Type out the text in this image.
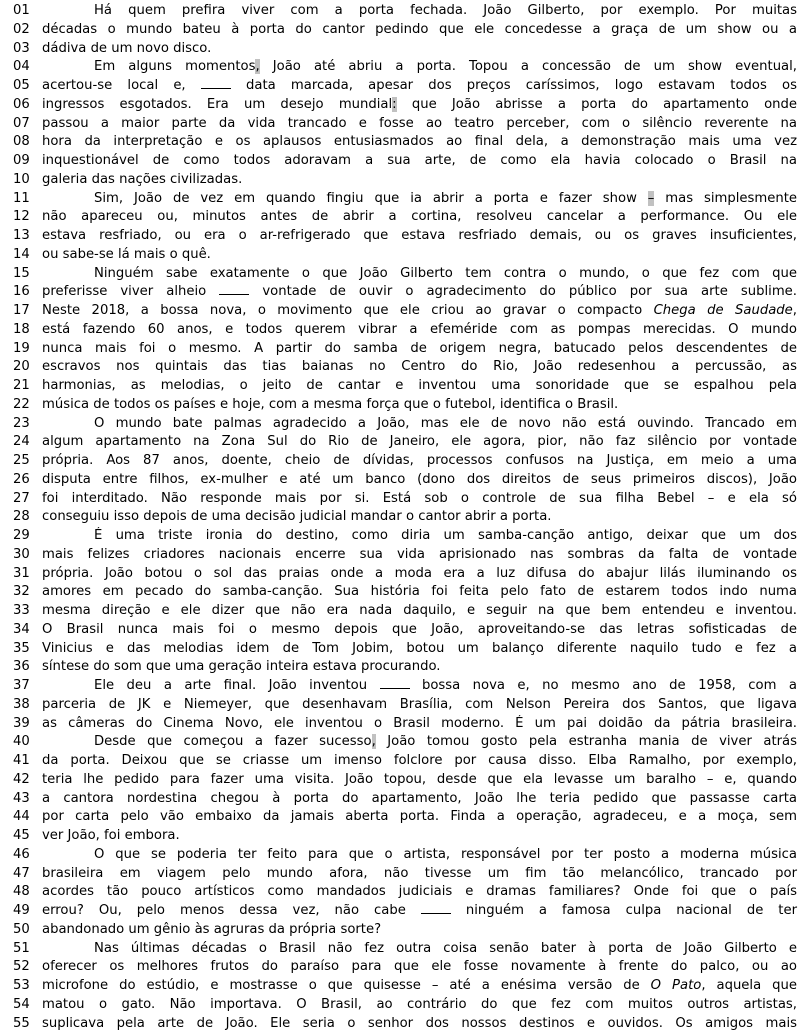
01	Há quem prefira viver com a porta fechada. João Gilberto, por exemplo. Por muitas
02 décadas o mundo bateu à porta do cantor pedindo que ele concedesse a graça de um show ou a
03 dádiva de um novo disco.
04	Em alguns momentos, João até abriu a porta. Topou a concessão de um show eventual,
05 acertou-se local e,  data marcada, apesar dos preços caríssimos, logo estavam todos os
06 ingressos esgotados. Era um desejo mundial: que João abrisse a porta do apartamento onde
07 passou a maior parte da vida trancado e fosse ao teatro perceber, com o silêncio reverente na
08 hora da interpretação e os aplausos entusiasmados ao final dela, a demonstração mais uma vez
09 inquestionável de como todos adoravam a sua arte, de como ela havia colocado o Brasil na
10 galeria das nações civilizadas.
11	Sim, João de vez em quando fingiu que ia abrir a porta e fazer show – mas simplesmente
12 não apareceu ou, minutos antes de abrir a cortina, resolveu cancelar a performance. Ou ele
13 estava resfriado, ou era o ar-refrigerado que estava resfriado demais, ou os graves insuficientes,
14 ou sabe-se lá mais o quê.
15	Ninguém sabe exatamente o que João Gilberto tem contra o mundo, o que fez com que
16 preferisse viver alheio  vontade de ouvir o agradecimento do público por sua arte sublime.
17 Neste 2018, a bossa nova, o movimento que ele criou ao gravar o compacto Chega de Saudade,
18 está fazendo 60 anos, e todos querem vibrar a efeméride com as pompas merecidas. O mundo
19 nunca mais foi o mesmo. A partir do samba de origem negra, batucado pelos descendentes de
20 escravos nos quintais das tias baianas no Centro do Rio, João redesenhou a percussão, as
21 harmonias, as melodias, o jeito de cantar e inventou uma sonoridade que se espalhou pela
22 música de todos os países e hoje, com a mesma força que o futebol, identifica o Brasil.
23	O mundo bate palmas agradecido a João, mas ele de novo não está ouvindo. Trancado em
24 algum apartamento na Zona Sul do Rio de Janeiro, ele agora, pior, não faz silêncio por vontade
25 própria. Aos 87 anos, doente, cheio de dívidas, processos confusos na Justiça, em meio a uma
26 disputa entre filhos, ex-mulher e até um banco (dono dos direitos de seus primeiros discos), João
27 foi interditado. Não responde mais por si. Está sob o controle de sua filha Bebel – e ela só
28 conseguiu isso depois de uma decisão judicial mandar o cantor abrir a porta.
29	É uma triste ironia do destino, como diria um samba-canção antigo, deixar que um dos
30 mais felizes criadores nacionais encerre sua vida aprisionado nas sombras da falta de vontade
31 própria. João botou o sol das praias onde a moda era a luz difusa do abajur lilás iluminando os
32 amores em pecado do samba-canção. Sua história foi feita pelo fato de estarem todos indo numa
33 mesma direção e ele dizer que não era nada daquilo, e seguir na que bem entendeu e inventou.
34 O Brasil nunca mais foi o mesmo depois que João, aproveitando-se das letras sofisticadas de
35 Vinicius e das melodias idem de Tom Jobim, botou um balanço diferente naquilo tudo e fez a
36 síntese do som que uma geração inteira estava procurando.
37	Ele deu a arte final. João inventou  bossa nova e, no mesmo ano de 1958, com a
38 parceria de JK e Niemeyer, que desenhavam Brasília, com Nelson Pereira dos Santos, que ligava
39 as câmeras do Cinema Novo, ele inventou o Brasil moderno. É um pai doidão da pátria brasileira.
40	Desde que começou a fazer sucesso, João tomou gosto pela estranha mania de viver atrás
41 da porta. Deixou que se criasse um imenso folclore por causa disso. Elba Ramalho, por exemplo,
42 teria lhe pedido para fazer uma visita. João topou, desde que ela levasse um baralho – e, quando
43 a cantora nordestina chegou à porta do apartamento, João lhe teria pedido que passasse carta
44 por carta pelo vão embaixo da jamais aberta porta. Finda a operação, agradeceu, e a moça, sem
45 ver João, foi embora.
46	O que se poderia ter feito para que o artista, responsável por ter posto a moderna música
47 brasileira em viagem pelo mundo afora, não tivesse um fim tão melancólico, trancado por
48 acordes tão pouco artísticos como mandados judiciais e dramas familiares? Onde foi que o país
49 errou? Ou, pelo menos dessa vez, não cabe  ninguém a famosa culpa nacional de ter
50 abandonado um gênio às agruras da própria sorte?
51	Nas últimas décadas o Brasil não fez outra coisa senão bater à porta de João Gilberto e
52 oferecer os melhores frutos do paraíso para que ele fosse novamente à frente do palco, ou ao
53 microfone do estúdio, e mostrasse o que quisesse – até a enésima versão de O Pato, aquela que
54 matou o gato. Não importava. O Brasil, ao contrário do que fez com muitos outros artistas,
55 suplicava pela arte de João. Ele seria o senhor dos nossos destinos e ouvidos. Os amigos mais
